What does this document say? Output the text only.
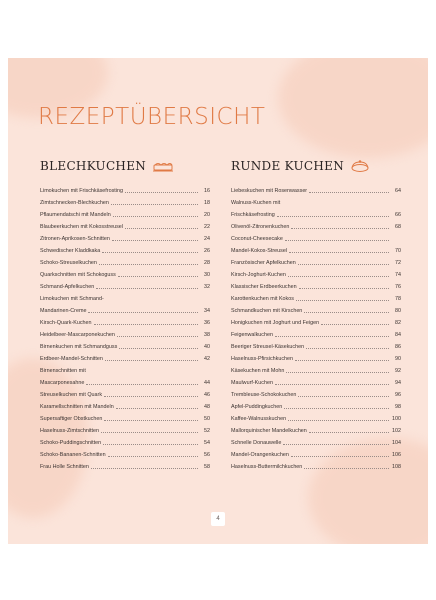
REZEPTÜBERSICHT
BLECHKUCHEN
Limokuchen mit Frischkäsefrosting	16
Zimtschnecken-Blechkuchen	18
Pflaumendatschi mit Mandeln	20
Blaubeerkuchen mit Kokosstreusel	22
Zitronen-Aprikosen-Schnitten	24
Schwedischer Kladdkaka	26
Schoko-Streuselkuchen	28
Quarkschnitten mit Schokoguss	30
Schmand-Apfelkuchen	32
Limokuchen mit Schmand-
Mandarinen-Creme	34
Kirsch-Quark-Kuchen	36
Heidelbeer-Mascarponekuchen	38
Birnenkuchen mit Schmandguss	40
Erdbeer-Mandel-Schnitten	42
Birnenschnitten mit
Mascarponesahne	44
Streuselkuchen mit Quark	46
Karamellschnitten mit Mandeln	48
Supersaftiger Obstkuchen	50
Haselnuss-Zimtschnitten	52
Schoko-Puddingschnitten	54
Schoko-Bananen-Schnitten	56
Frau Holle Schnitten	58
RUNDE KUCHEN
Liebeskuchen mit Rosenwasser	64
Walnuss-Kuchen mit
Frischkäsefrosting	66
Olivenöl-Zitronenkuchen	68
Coconut-Cheesecake
Mandel-Kokos-Streusel	70
Französischer Apfelkuchen	72
Kirsch-Joghurt-Kuchen	74
Klassischer Erdbeerkuchen	76
Karottenkuchen mit Kokos	78
Schmandkuchen mit Kirschen	80
Honigkuchen mit Joghurt und Feigen	82
Feigenwalkuchen	84
Beeriger Streusel-Käsekuchen	86
Haselnuss-Pfirsichkuchen	90
Käsekuchen mit Mohn	92
Maulwurf-Kuchen	94
Trembleuse-Schokokuchen	96
Apfel-Puddingkuchen	98
Kaffee-Walnusskuchen	100
Mallorquinischer Mandelkuchen	102
Schnelle Donauwelle	104
Mandel-Orangenkuchen	106
Haselnuss-Buttermilchkuchen	108
4
